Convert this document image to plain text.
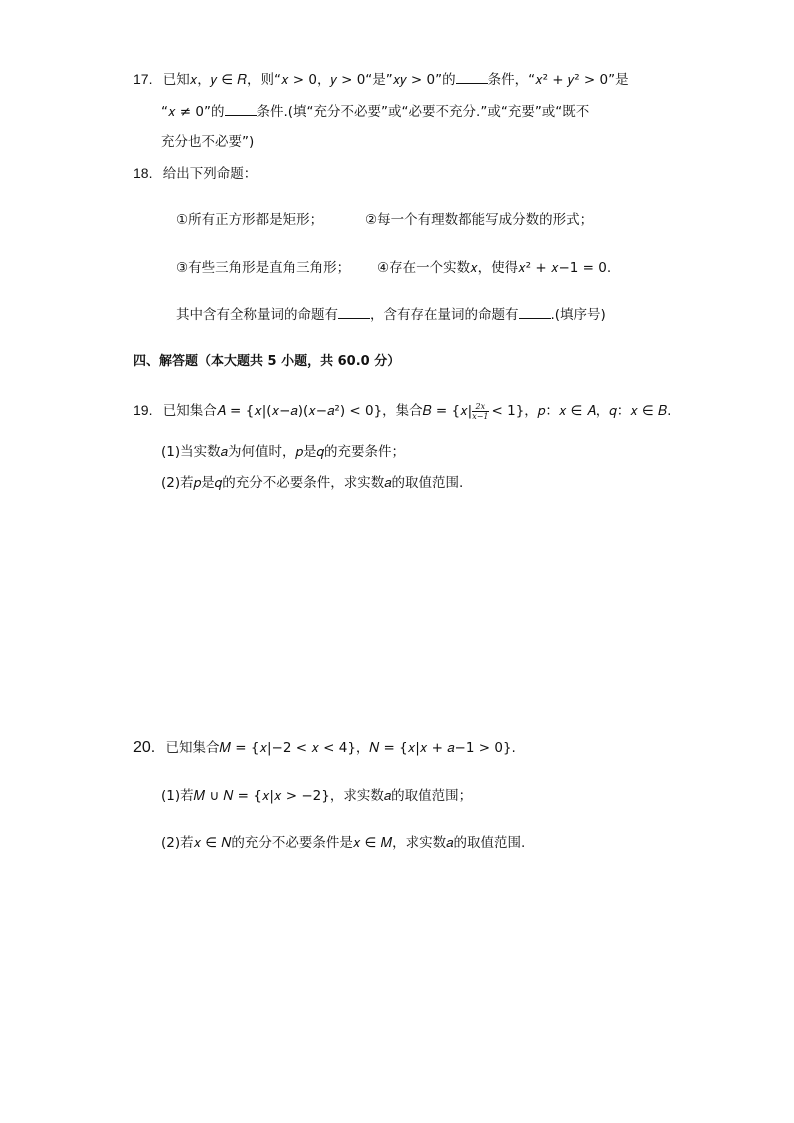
17. 已知𝑥，𝑦 ∈ 𝑅，则“𝑥 > 0，𝑦 > 0“是”𝑥𝑦 > 0”的 条件，“𝑥² + 𝑦² > 0”是
“𝑥 ≠ 0”的 条件.(填“充分不必要”或“必要不充分.”或“充要”或“既不
充分也不必要”)
18. 给出下列命题：
①所有正方形都是矩形；	②每一个有理数都能写成分数的形式；
③有些三角形是直角三角形； ④存在一个实数𝑥，使得𝑥² + 𝑥−1 = 0.
其中含有全称量词的命题有 ，含有存在量词的命题有 .(填序号)
四、解答题（本大题共 5 小题，共 60.0 分）
19. 已知集合𝐴 = {𝑥|(𝑥−𝑎)(𝑥−𝑎²) < 0}，集合𝐵 = {𝑥| $\frac{\text{2𝑥}}{\text{𝑥−1}} < 1$}，𝑝：𝑥 ∈ 𝐴，𝑞：𝑥 ∈ 𝐵.
(1)当实数𝑎为何值时，𝑝是𝑞的充要条件；
(2)若𝑝是𝑞的充分不必要条件，求实数𝑎的取值范围.
20. 已知集合𝑀 = {𝑥|−2 < 𝑥 < 4}，𝑁 = {𝑥|𝑥 + 𝑎−1 > 0}.
(1)若𝑀 ∪ 𝑁 = {𝑥|𝑥 > −2}，求实数𝑎的取值范围；
(2)若𝑥 ∈ 𝑁的充分不必要条件是𝑥 ∈ 𝑀，求实数𝑎的取值范围.
